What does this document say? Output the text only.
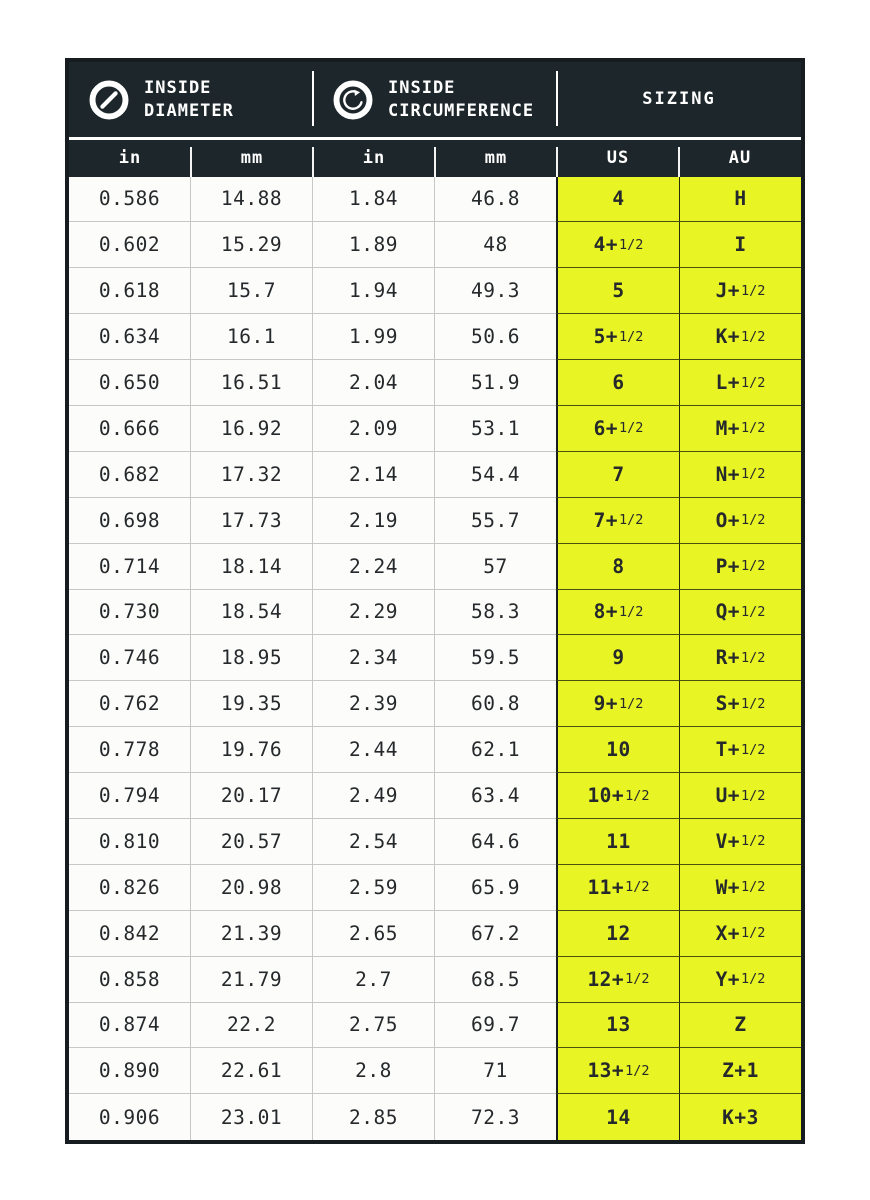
INSIDE DIAMETER
INSIDE CIRCUMFERENCE
SIZING
in	mm	in	mm	US	AU
0.586	14.88	1.84	46.8	4	H
0.602	15.29	1.89	48	4+ 1/2	I
0.618	15.7	1.94	49.3	5	J+ 1/2
0.634	16.1	1.99	50.6	5+ 1/2	K+ 1/2
0.650	16.51	2.04	51.9	6	L+ 1/2
0.666	16.92	2.09	53.1	6+ 1/2	M+ 1/2
0.682	17.32	2.14	54.4	7	N+ 1/2
0.698	17.73	2.19	55.7	7+ 1/2	O+ 1/2
0.714	18.14	2.24	57	8	P+ 1/2
0.730	18.54	2.29	58.3	8+ 1/2	Q+ 1/2
0.746	18.95	2.34	59.5	9	R+ 1/2
0.762	19.35	2.39	60.8	9+ 1/2	S+ 1/2
0.778	19.76	2.44	62.1	10	T+ 1/2
0.794	20.17	2.49	63.4	10+ 1/2	U+ 1/2
0.810	20.57	2.54	64.6	11	V+ 1/2
0.826	20.98	2.59	65.9	11+ 1/2	W+ 1/2
0.842	21.39	2.65	67.2	12	X+ 1/2
0.858	21.79	2.7	68.5	12+ 1/2	Y+ 1/2
0.874	22.2	2.75	69.7	13	Z
0.890	22.61	2.8	71	13+ 1/2	Z+1
0.906	23.01	2.85	72.3	14	K+3
